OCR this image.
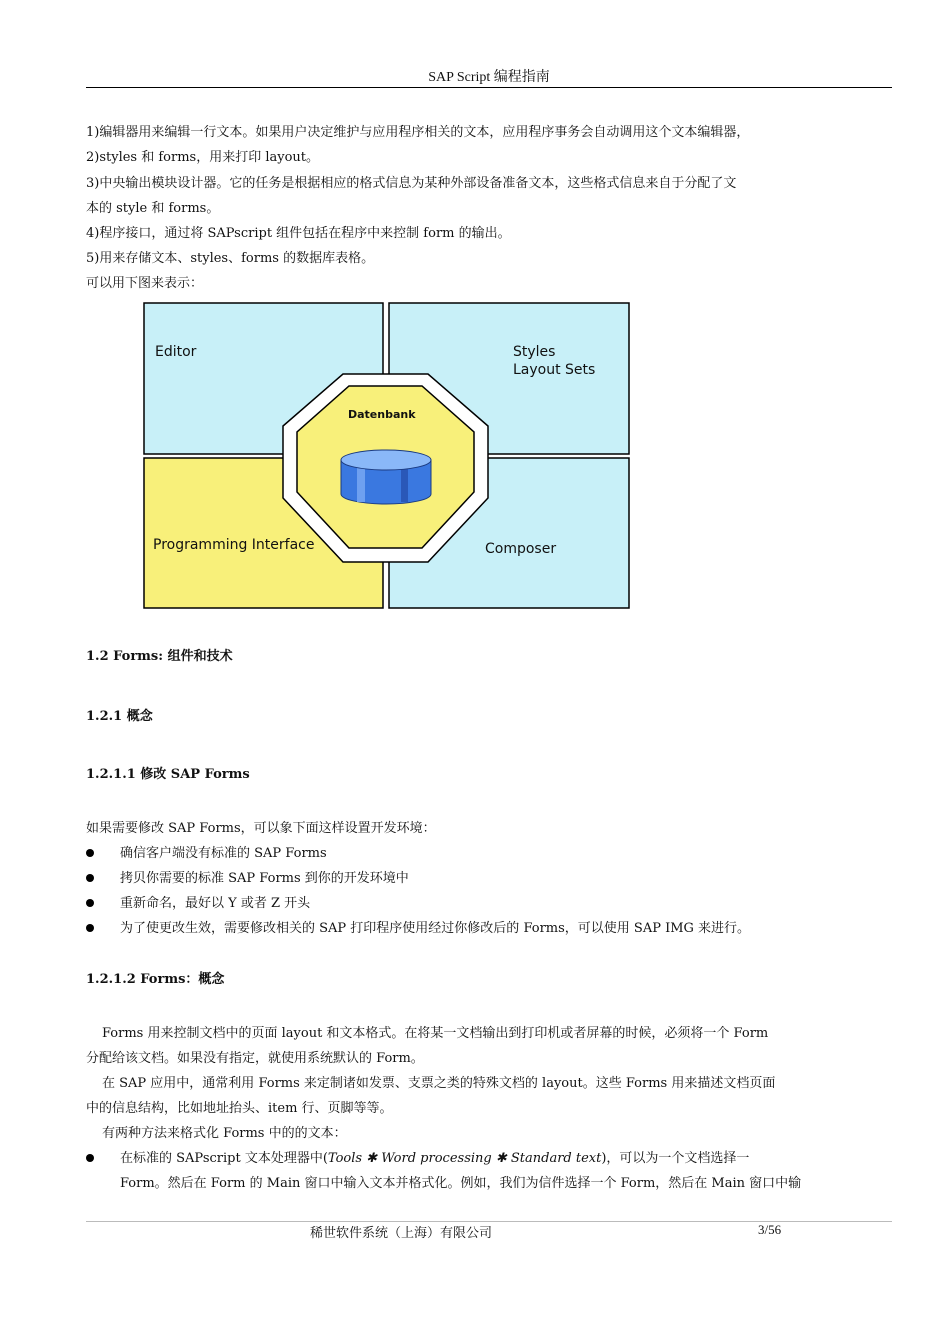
SAP Script 编程指南
1)编辑器用来编辑一行文本。如果用户决定维护与应用程序相关的文本，应用程序事务会自动调用这个文本编辑器，
2)styles 和 forms，用来打印 layout。
3)中央输出模块设计器。它的任务是根据相应的格式信息为某种外部设备准备文本，这些格式信息来自于分配了文
本的 style 和 forms。
4)程序接口，通过将 SAPscript 组件包括在程序中来控制 form 的输出。
5)用来存储文本、styles、forms 的数据库表格。
可以用下图来表示：
Editor	Styles
Layout Sets
Datenbank
Programming Interface	Composer
1.2 Forms: 组件和技术
1.2.1 概念
1.2.1.1 修改 SAP Forms
如果需要修改 SAP Forms，可以象下面这样设置开发环境：
确信客户端没有标准的 SAP Forms
拷贝你需要的标准 SAP Forms 到你的开发环境中
重新命名，最好以 Y 或者 Z 开头
为了使更改生效，需要修改相关的 SAP 打印程序使用经过你修改后的 Forms，可以使用 SAP IMG 来进行。
1.2.1.2 Forms：概念
Forms 用来控制文档中的页面 layout 和文本格式。在将某一文档输出到打印机或者屏幕的时候，必须将一个 Form
分配给该文档。如果没有指定，就使用系统默认的 Form。
在 SAP 应用中，通常利用 Forms 来定制诸如发票、支票之类的特殊文档的 layout。这些 Forms 用来描述文档页面
中的信息结构，比如地址抬头、item 行、页脚等等。
有两种方法来格式化 Forms 中的的文本：
在标准的 SAPscript 文本处理器中(Tools ✱ Word processing ✱ Standard text)，可以为一个文档选择一
Form。然后在 Form 的 Main 窗口中输入文本并格式化。例如，我们为信件选择一个 Form，然后在 Main 窗口中输
稀世软件系统（上海）有限公司	3/56
